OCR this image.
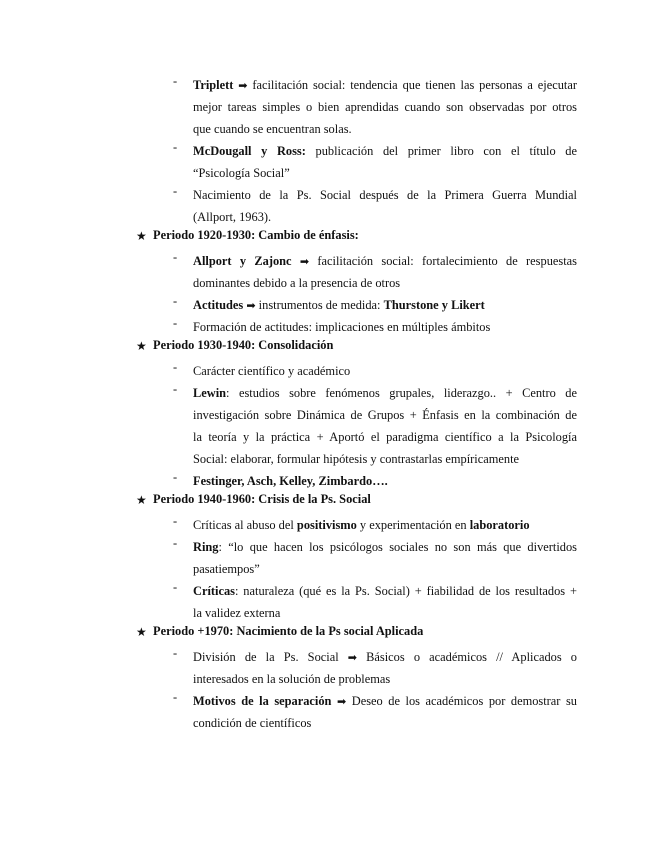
- Triplett ➡ facilitación social: tendencia que tienen las personas a ejecutar
mejor tareas simples o bien aprendidas cuando son observadas por otros
que cuando se encuentran solas.
- McDougall y Ross: publicación del primer libro con el título de
“Psicología Social”
- Nacimiento de la Ps. Social después de la Primera Guerra Mundial
(Allport, 1963).
★ Periodo 1920-1930: Cambio de énfasis:
- Allport y Zajonc ➡ facilitación social: fortalecimiento de respuestas
dominantes debido a la presencia de otros
- Actitudes ➡ instrumentos de medida: Thurstone y Likert
- Formación de actitudes: implicaciones en múltiples ámbitos
★ Periodo 1930-1940: Consolidación
- Carácter científico y académico
- Lewin: estudios sobre fenómenos grupales, liderazgo.. + Centro de
investigación sobre Dinámica de Grupos + Énfasis en la combinación de
la teoría y la práctica + Aportó el paradigma científico a la Psicología
Social: elaborar, formular hipótesis y contrastarlas empíricamente
- Festinger, Asch, Kelley, Zimbardo….
★ Periodo 1940-1960: Crisis de la Ps. Social
- Críticas al abuso del positivismo y experimentación en laboratorio
- Ring: “lo que hacen los psicólogos sociales no son más que divertidos
pasatiempos”
- Críticas: naturaleza (qué es la Ps. Social) + fiabilidad de los resultados +
la validez externa
★ Periodo +1970: Nacimiento de la Ps social Aplicada
- División de la Ps. Social ➡ Básicos o académicos // Aplicados o
interesados en la solución de problemas
- Motivos de la separación ➡ Deseo de los académicos por demostrar su
condición de científicos
